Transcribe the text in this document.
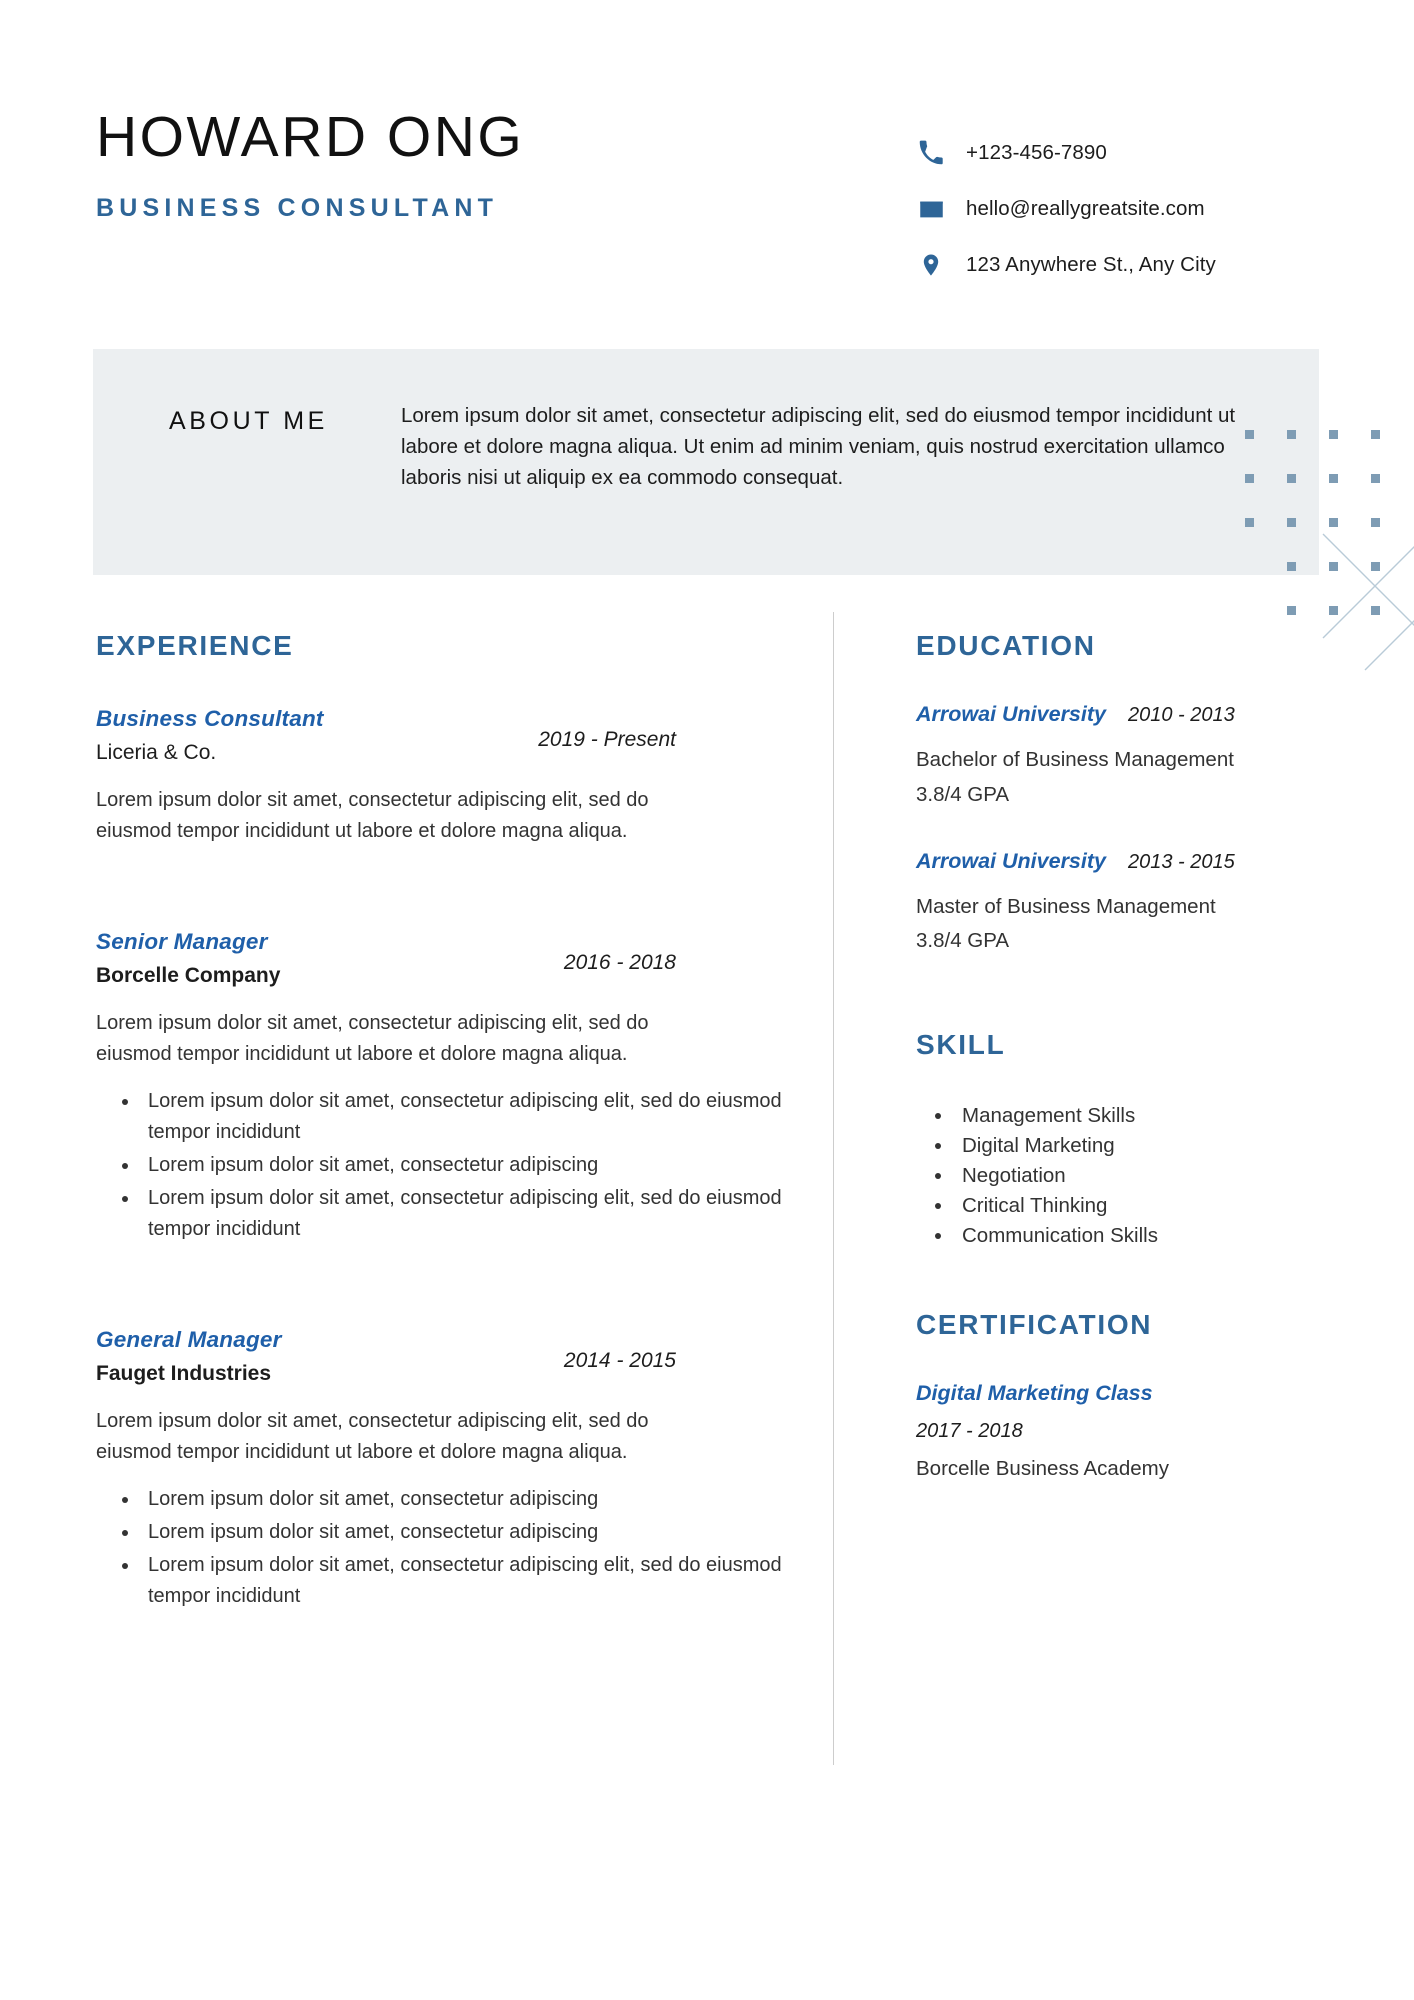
HOWARD ONG
BUSINESS CONSULTANT
+123-456-7890
hello@reallygreatsite.com
123 Anywhere St., Any City
ABOUT ME	Lorem ipsum dolor sit amet, consectetur adipiscing elit, sed do eiusmod tempor incididunt ut labore et dolore magna aliqua. Ut enim ad minim veniam, quis nostrud exercitation ullamco laboris nisi ut aliquip ex ea commodo consequat.
EXPERIENCE
Business Consultant
Liceria & Co.
2019 - Present
Lorem ipsum dolor sit amet, consectetur adipiscing elit, sed do eiusmod tempor incididunt ut labore et dolore magna aliqua.
Senior Manager
Borcelle Company
2016 - 2018
Lorem ipsum dolor sit amet, consectetur adipiscing elit, sed do eiusmod tempor incididunt ut labore et dolore magna aliqua.
• Lorem ipsum dolor sit amet, consectetur adipiscing elit, sed do eiusmod tempor incididunt
• Lorem ipsum dolor sit amet, consectetur adipiscing
• Lorem ipsum dolor sit amet, consectetur adipiscing elit, sed do eiusmod tempor incididunt
General Manager
Fauget Industries
2014 - 2015
Lorem ipsum dolor sit amet, consectetur adipiscing elit, sed do eiusmod tempor incididunt ut labore et dolore magna aliqua.
• Lorem ipsum dolor sit amet, consectetur adipiscing
• Lorem ipsum dolor sit amet, consectetur adipiscing
• Lorem ipsum dolor sit amet, consectetur adipiscing elit, sed do eiusmod tempor incididunt
EDUCATION
Arrowai University 2010 - 2013
Bachelor of Business Management
3.8/4 GPA
Arrowai University 2013 - 2015
Master of Business Management
3.8/4 GPA
SKILL
• Management Skills
• Digital Marketing
• Negotiation
• Critical Thinking
• Communication Skills
CERTIFICATION
Digital Marketing Class
2017 - 2018
Borcelle Business Academy
